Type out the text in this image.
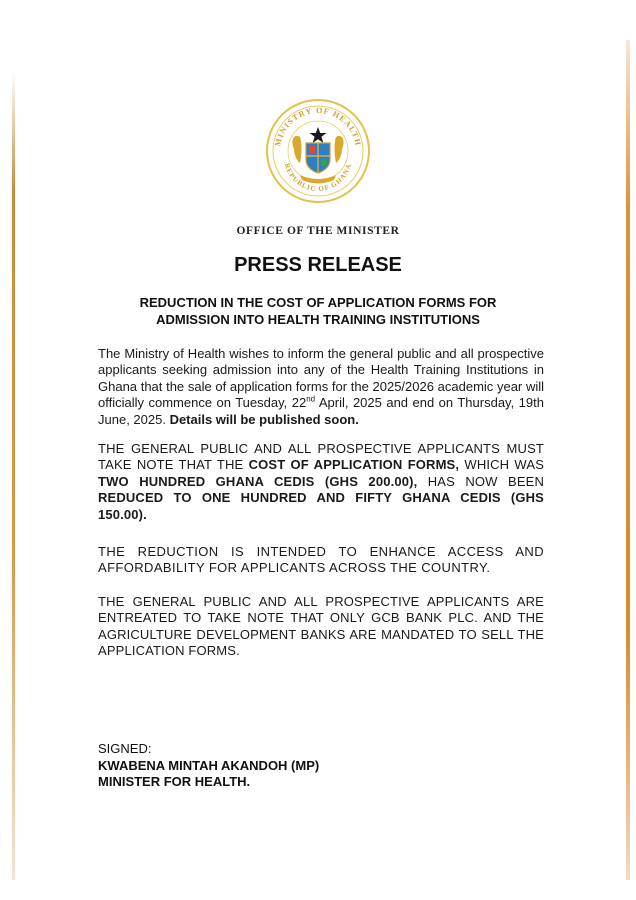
MINISTRY OF HEALTH
REPUBLIC OF GHANA
OFFICE OF THE MINISTER
PRESS RELEASE
REDUCTION IN THE COST OF APPLICATION FORMS FOR
ADMISSION INTO HEALTH TRAINING INSTITUTIONS
The Ministry of Health wishes to inform the general public and all prospective applicants seeking admission into any of the Health Training Institutions in Ghana that the sale of application forms for the 2025/2026 academic year will officially commence on Tuesday, 22nd April, 2025 and end on Thursday, 19th June, 2025. Details will be published soon.
THE GENERAL PUBLIC AND ALL PROSPECTIVE APPLICANTS MUST TAKE NOTE THAT THE COST OF APPLICATION FORMS, WHICH WAS TWO HUNDRED GHANA CEDIS (GHS 200.00), HAS NOW BEEN REDUCED TO ONE HUNDRED AND FIFTY GHANA CEDIS (GHS 150.00).
THE REDUCTION IS INTENDED TO ENHANCE ACCESS AND AFFORDABILITY FOR APPLICANTS ACROSS THE COUNTRY.
THE GENERAL PUBLIC AND ALL PROSPECTIVE APPLICANTS ARE ENTREATED TO TAKE NOTE THAT ONLY GCB BANK PLC. AND THE AGRICULTURE DEVELOPMENT BANKS ARE MANDATED TO SELL THE APPLICATION FORMS.
SIGNED:
KWABENA MINTAH AKANDOH (MP)
MINISTER FOR HEALTH.
